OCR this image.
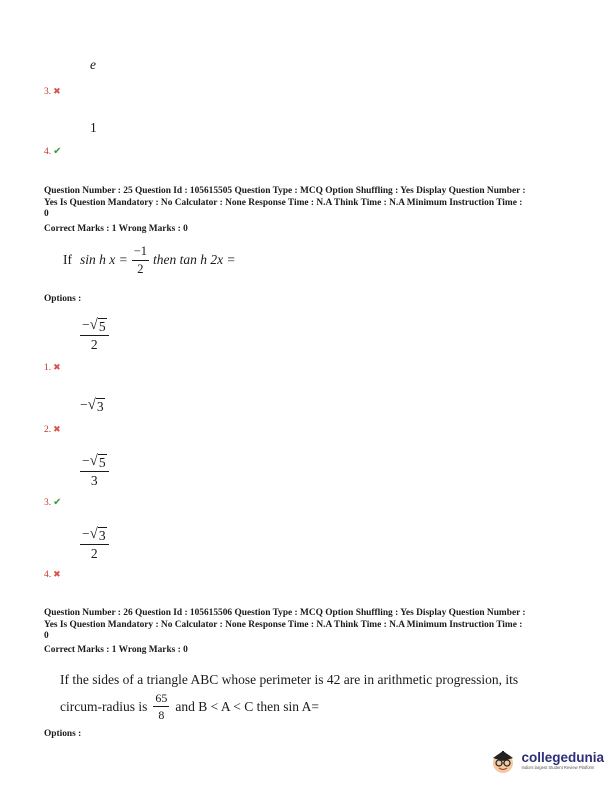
e
3. ✖
1
4. ✔
Question Number : 25 Question Id : 105615505 Question Type : MCQ Option Shuffling : Yes Display Question Number :
Yes Is Question Mandatory : No Calculator : None Response Time : N.A Think Time : N.A Minimum Instruction Time :
0
Correct Marks : 1 Wrong Marks : 0
If sin h $x = \frac{-1}{2}$ then tan h 2x =
Options :
$\frac{- √ 5}{2}$
1. ✖
− √ 3
2. ✖
$\frac{- √ 5}{3}$
3. ✔
$\frac{- √ 3}{2}$
4. ✖
Question Number : 26 Question Id : 105615506 Question Type : MCQ Option Shuffling : Yes Display Question Number :
Yes Is Question Mandatory : No Calculator : None Response Time : N.A Think Time : N.A Minimum Instruction Time :
0
Correct Marks : 1 Wrong Marks : 0
If the sides of a triangle ABC whose perimeter is 42 are in arithmetic progression, its
circum-radius is $\frac{65}{8}$ and B < A < C then sin A=
Options :
collegedunia
India's largest Student Review Platform
